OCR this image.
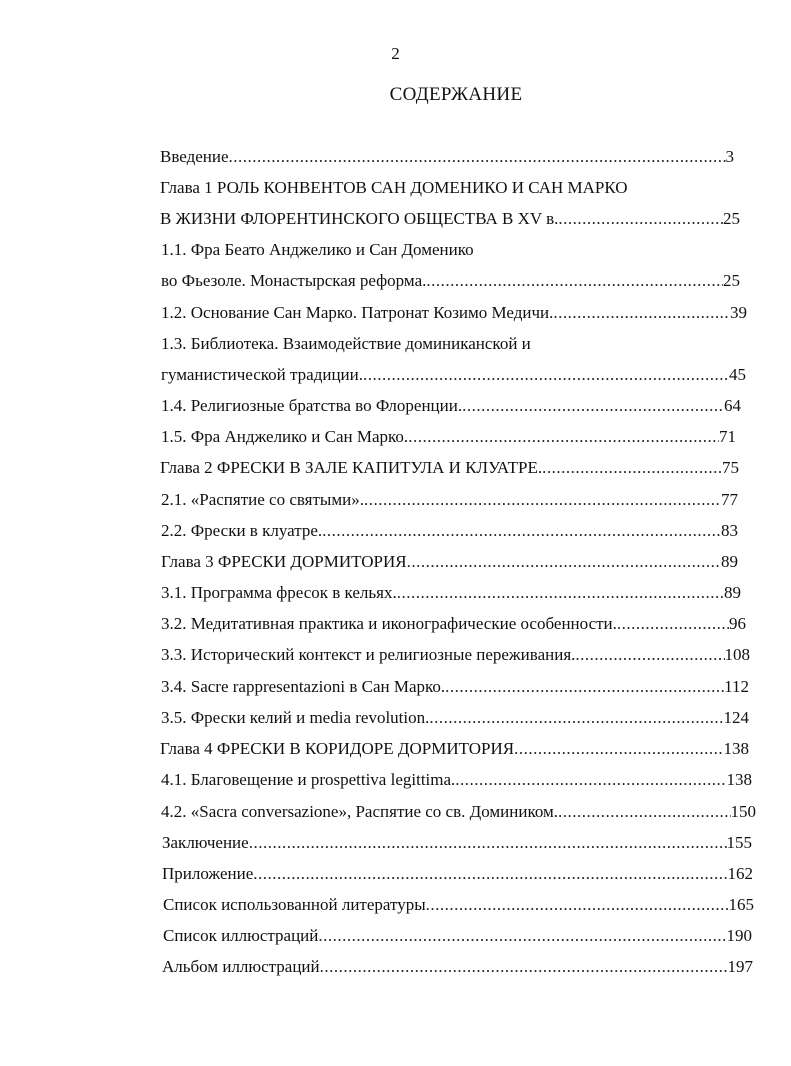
2
СОДЕРЖАНИЕ
Введение .....	3
Глава 1 РОЛЬ КОНВЕНТОВ САН ДОМЕНИКО И САН МАРКО
В ЖИЗНИ ФЛОРЕНТИНСКОГО ОБЩЕСТВА В XV в. .....	25
1.1. Фра Беато Анджелико и Сан Доменико
во Фьезоле. Монастырская реформа. .....	25
1.2. Основание Сан Марко. Патронат Козимо Медичи. .....	39
1.3. Библиотека. Взаимодействие доминиканской и
гуманистической традиции. .....	45
1.4. Религиозные братства во Флоренции. .....	64
1.5. Фра Анджелико и Сан Марко. .....	71
Глава 2 ФРЕСКИ В ЗАЛЕ КАПИТУЛА И КЛУАТРЕ. .....	75
2.1. «Распятие со святыми». .....	77
2.2. Фрески в клуатре. .....	83
Глава 3 ФРЕСКИ ДОРМИТОРИЯ .....	89
3.1. Программа фресок в кельях. .....	89
3.2. Медитативная практика и иконографические особенности. .....	96
3.3. Исторический контекст и религиозные переживания. .....	108
3.4. Sacre rappresentazioni в Сан Марко. .....	112
3.5. Фрески келий и media revolution. .....	124
Глава 4 ФРЕСКИ В КОРИДОРЕ ДОРМИТОРИЯ .....	138
4.1. Благовещение и prospettiva legittima. .....	138
4.2. «Sacra conversazione», Распятие со св. Домиником. .....	150
Заключение .....	155
Приложение .....	162
Список использованной литературы .....	165
Список иллюстраций .....	190
Альбом иллюстраций .....	197
